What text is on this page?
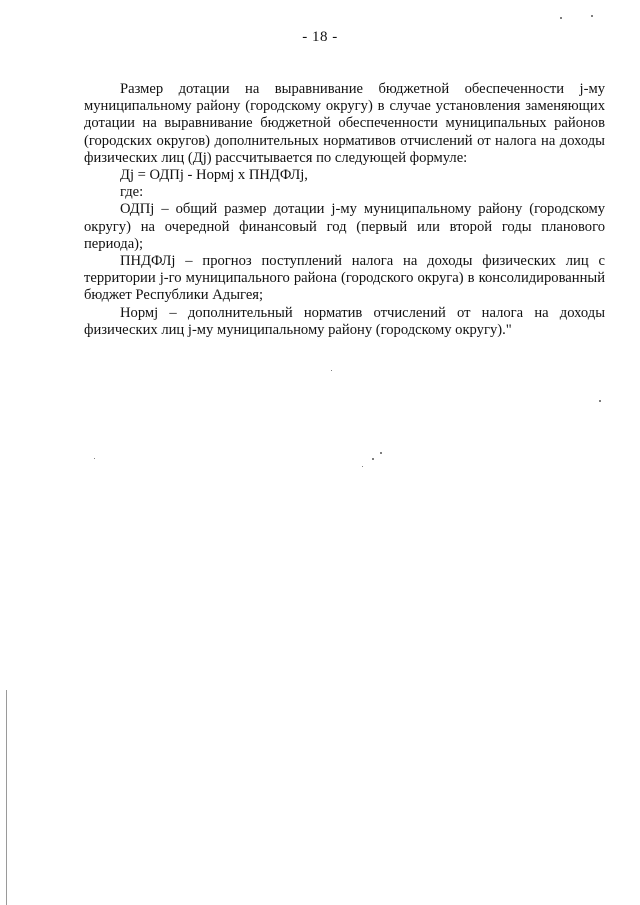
- 18 -

Размер дотации на выравнивание бюджетной обеспеченности j-му муниципальному району (городскому округу) в случае установления заменяющих дотации на выравнивание бюджетной обеспеченности муниципальных районов (городских округов) дополнительных нормативов отчислений от налога на доходы физических лиц (Дj) рассчитывается по следующей формуле:

Дj = ОДПj - Нормj х ПНДФЛj,

где:

ОДПj – общий размер дотации j-му муниципальному району (городскому округу) на очередной финансовый год (первый или второй годы планового периода);

ПНДФЛj – прогноз поступлений налога на доходы физических лиц с территории j-го муниципального района (городского округа) в консолидированный бюджет Республики Адыгея;

Нормj – дополнительный норматив отчислений от налога на доходы физических лиц j-му муниципальному району (городскому округу)."
